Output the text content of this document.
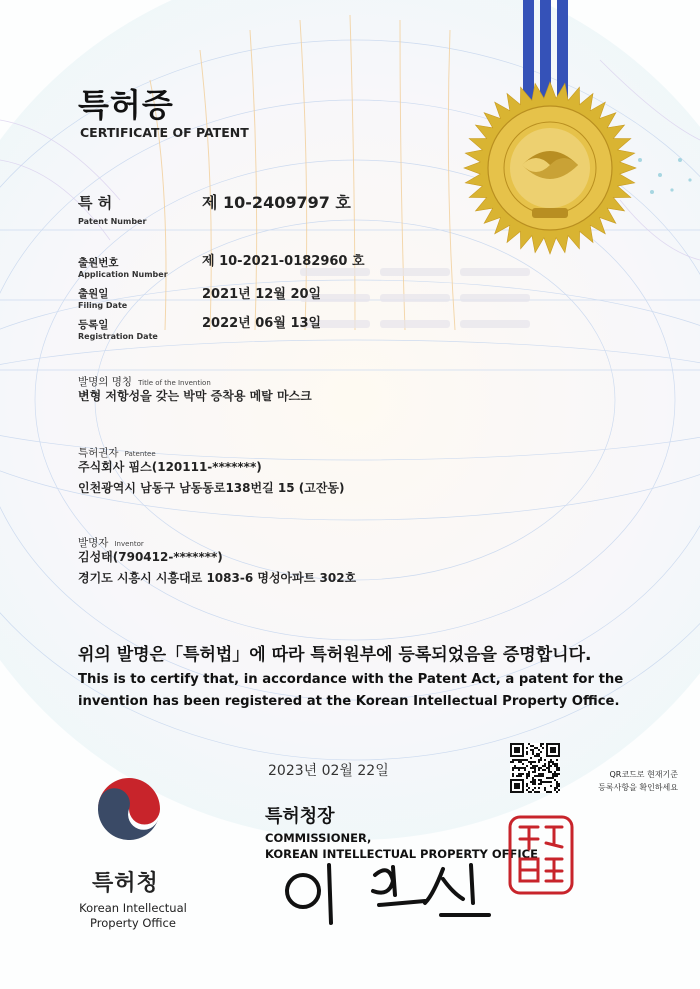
특허증
CERTIFICATE OF PATENT
특 허
Patent Number
제 10-2409797 호
출원번호
Application Number
제 10-2021-0182960 호
출원일
Filing Date
2021년 12월 20일
등록일
Registration Date
2022년 06월 13일
발명의 명칭 Title of the Invention
변형 저항성을 갖는 박막 증착용 메탈 마스크
특허권자 Patentee
주식회사 핌스(120111-*******)
인천광역시 남동구 남동동로138번길 15 (고잔동)
발명자 Inventor
김성태(790412-*******)
경기도 시흥시 시흥대로 1083-6 명성아파트 302호
위의 발명은「특허법」에 따라 특허원부에 등록되었음을 증명합니다.
This is to certify that, in accordance with the Patent Act, a patent for the invention has been registered at the Korean Intellectual Property Office.
2023년 02월 22일	QR코드로 현재기준
등록사항을 확인하세요
특허청장
COMMISSIONER,
KOREAN INTELLECTUAL PROPERTY OFFICE
특허청
Korean Intellectual
Property Office
